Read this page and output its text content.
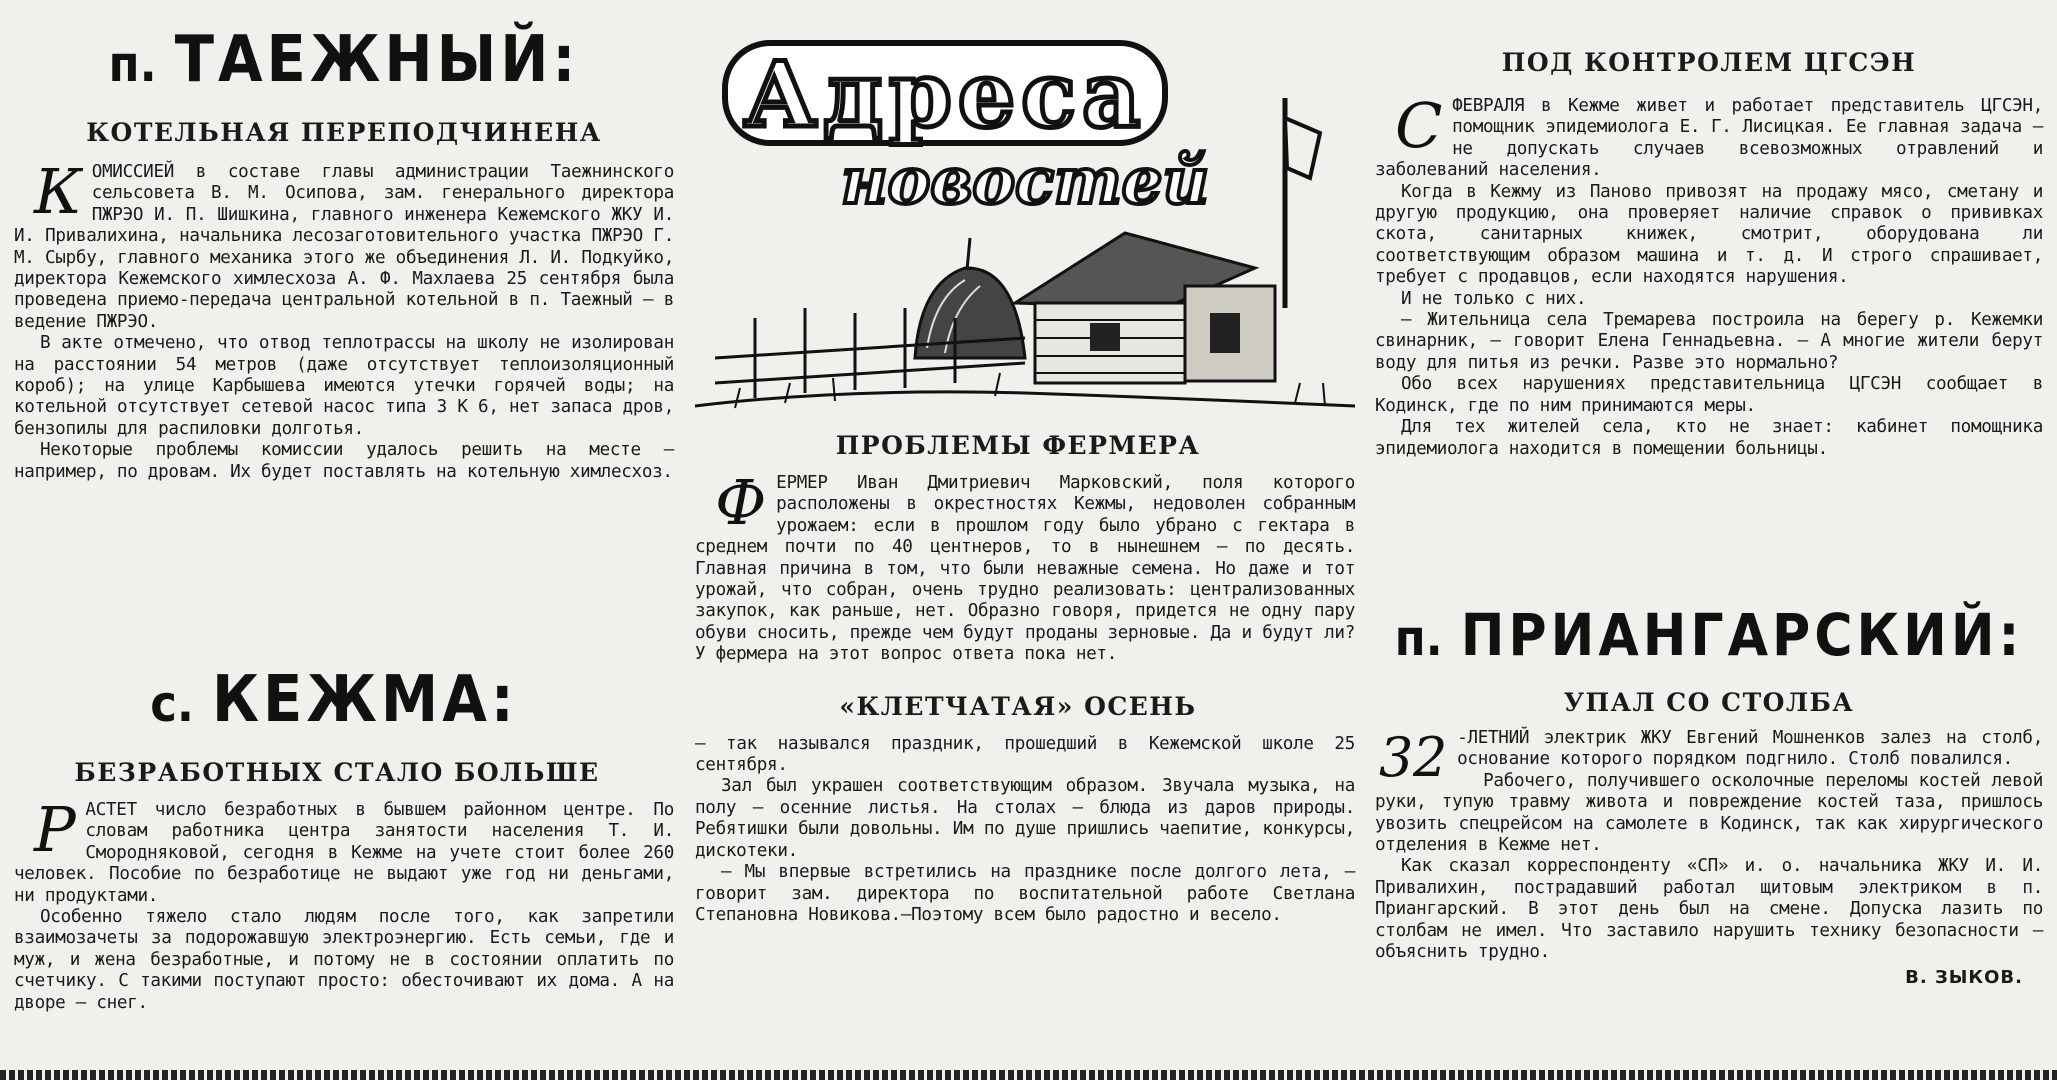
п. ТАЕЖНЫЙ:
КОТЕЛЬНАЯ ПЕРЕПОДЧИНЕНА
К ОМИССИЕЙ в составе главы администрации Таежнинского сельсовета В. М. Осипова, зам. генерального директора ПЖРЭО И. П. Шишкина, главного инженера Кежемского ЖКУ И. И. Привалихина, начальника лесозаготовительного участка ПЖРЭО Г. М. Сырбу, главного механика этого же объединения Л. И. Подкуйко, директора Кежемского химлесхоза А. Ф. Махлаева 25 сентября была проведена приемо-передача центральной котельной в п. Таежный — в ведение ПЖРЭО.

В акте отмечено, что отвод теплотрассы на школу не изолирован на расстоянии 54 метров (даже отсутствует теплоизоляционный короб); на улице Карбышева имеются утечки горячей воды; на котельной отсутствует сетевой насос типа 3 К 6, нет запаса дров, бензопилы для распиловки долготья.

Некоторые проблемы комиссии удалось решить на месте — например, по дровам. Их будет поставлять на котельную химлесхоз.

с. КЕЖМА:
БЕЗРАБОТНЫХ СТАЛО БОЛЬШЕ
Р АСТЕТ число безработных в бывшем районном центре. По словам работника центра занятости населения Т. И. Смородняковой, сегодня в Кежме на учете стоит более 260 человек. Пособие по безработице не выдают уже год ни деньгами, ни продуктами.

Особенно тяжело стало людям после того, как запретили взаимозачеты за подорожавшую электроэнергию. Есть семьи, где и муж, и жена безработные, и потому не в состоянии оплатить по счетчику. С такими поступают просто: обесточивают их дома. А на дворе — снег.

Адреса
новостей
ПРОБЛЕМЫ ФЕРМЕРА
Ф ЕРМЕР Иван Дмитриевич Марковский, поля которого расположены в окрестностях Кежмы, недоволен собранным урожаем: если в прошлом году было убрано с гектара в среднем почти по 40 центнеров, то в нынешнем — по десять. Главная причина в том, что были неважные семена. Но даже и тот урожай, что собран, очень трудно реализовать: централизованных закупок, как раньше, нет. Образно говоря, придется не одну пару обуви сносить, прежде чем будут проданы зерновые. Да и будут ли? У фермера на этот вопрос ответа пока нет.

«КЛЕТЧАТАЯ» ОСЕНЬ

— так назывался праздник, прошедший в Кежемской школе 25 сентября.

Зал был украшен соответствующим образом. Звучала музыка, на полу — осенние листья. На столах — блюда из даров природы. Ребятишки были довольны. Им по душе пришлись чаепитие, конкурсы, дискотеки.

— Мы впервые встретились на празднике после долгого лета, — говорит зам. директора по воспитательной работе Светлана Степановна Новикова.—Поэтому всем было радостно и весело.

ПОД КОНТРОЛЕМ ЦГСЭН
С ФЕВРАЛЯ в Кежме живет и работает представитель ЦГСЭН, помощник эпидемиолога Е. Г. Лисицкая. Ее главная задача — не допускать случаев всевозможных отравлений и заболеваний населения.

Когда в Кежму из Паново привозят на продажу мясо, сметану и другую продукцию, она проверяет наличие справок о прививках скота, санитарных книжек, смотрит, оборудована ли соответствующим образом машина и т. д. И строго спрашивает, требует с продавцов, если находятся нарушения.

И не только с них.

— Жительница села Тремарева построила на берегу р. Кежемки свинарник, — говорит Елена Геннадьевна. — А многие жители берут воду для питья из речки. Разве это нормально?

Обо всех нарушениях представительница ЦГСЭН сообщает в Кодинск, где по ним принимаются меры.

Для тех жителей села, кто не знает: кабинет помощника эпидемиолога находится в помещении больницы.

п. ПРИАНГАРСКИЙ:
УПАЛ СО СТОЛБА
32 -ЛЕТНИЙ электрик ЖКУ Евгений Мошненков залез на столб, основание которого порядком подгнило. Столб повалился.

Рабочего, получившего осколочные переломы костей левой руки, тупую травму живота и повреждение костей таза, пришлось увозить спецрейсом на самолете в Кодинск, так как хирургического отделения в Кежме нет.

Как сказал корреспонденту «СП» и. о. начальника ЖКУ И. И. Привалихин, пострадавший работал щитовым электриком в п. Приангарский. В этот день был на смене. Допуска лазить по столбам не имел. Что заставило нарушить технику безопасности — объяснить трудно.

В. ЗЫКОВ.
